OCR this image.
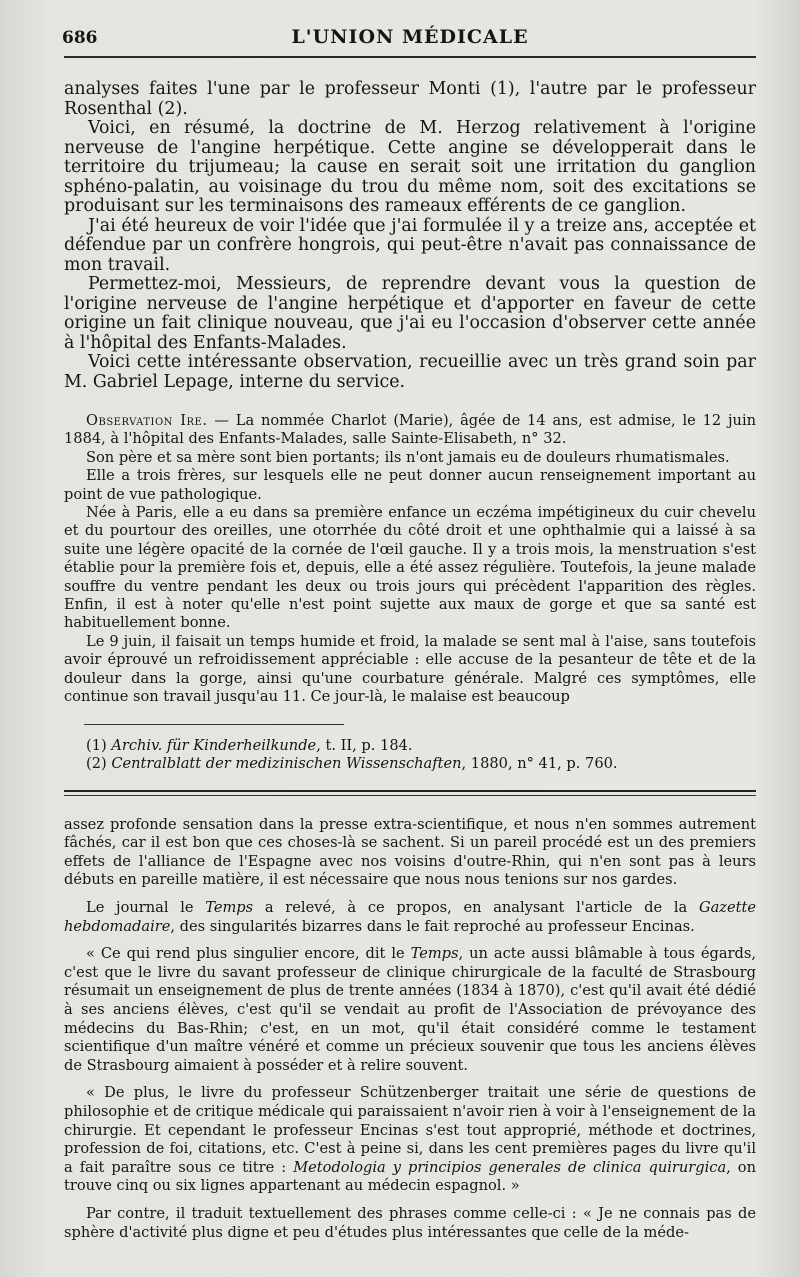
686	L'UNION MÉDICALE

analyses faites l'une par le professeur Monti (1), l'autre par le professeur Rosenthal (2).

Voici, en résumé, la doctrine de M. Herzog relativement à l'origine nerveuse de l'angine herpétique. Cette angine se développerait dans le territoire du trijumeau; la cause en serait soit une irritation du ganglion sphéno-palatin, au voisinage du trou du même nom, soit des excitations se produisant sur les terminaisons des rameaux efférents de ce ganglion.

J'ai été heureux de voir l'idée que j'ai formulée il y a treize ans, acceptée et défendue par un confrère hongrois, qui peut-être n'avait pas connaissance de mon travail.

Permettez-moi, Messieurs, de reprendre devant vous la question de l'origine nerveuse de l'angine herpétique et d'apporter en faveur de cette origine un fait clinique nouveau, que j'ai eu l'occasion d'observer cette année à l'hôpital des Enfants-Malades.

Voici cette intéressante observation, recueillie avec un très grand soin par M. Gabriel Lepage, interne du service.

Observation Ire. — La nommée Charlot (Marie), âgée de 14 ans, est admise, le 12 juin 1884, à l'hôpital des Enfants-Malades, salle Sainte-Elisabeth, n° 32.

Son père et sa mère sont bien portants; ils n'ont jamais eu de douleurs rhumatismales.

Elle a trois frères, sur lesquels elle ne peut donner aucun renseignement important au point de vue pathologique.

Née à Paris, elle a eu dans sa première enfance un eczéma impétigineux du cuir chevelu et du pourtour des oreilles, une otorrhée du côté droit et une ophthalmie qui a laissé à sa suite une légère opacité de la cornée de l'œil gauche. Il y a trois mois, la menstruation s'est établie pour la première fois et, depuis, elle a été assez régulière. Toutefois, la jeune malade souffre du ventre pendant les deux ou trois jours qui précèdent l'apparition des règles. Enfin, il est à noter qu'elle n'est point sujette aux maux de gorge et que sa santé est habituellement bonne.

Le 9 juin, il faisait un temps humide et froid, la malade se sent mal à l'aise, sans toutefois avoir éprouvé un refroidissement appréciable : elle accuse de la pesanteur de tête et de la douleur dans la gorge, ainsi qu'une courbature générale. Malgré ces symptômes, elle continue son travail jusqu'au 11. Ce jour-là, le malaise est beaucoup

(1) Archiv. für Kinderheilkunde, t. II, p. 184.

(2) Centralblatt der medizinischen Wissenschaften, 1880, n° 41, p. 760.

assez profonde sensation dans la presse extra-scientifique, et nous n'en sommes autrement fâchés, car il est bon que ces choses-là se sachent. Si un pareil procédé est un des premiers effets de l'alliance de l'Espagne avec nos voisins d'outre-Rhin, qui n'en sont pas à leurs débuts en pareille matière, il est nécessaire que nous nous tenions sur nos gardes.

Le journal le Temps a relevé, à ce propos, en analysant l'article de la Gazette hebdomadaire, des singularités bizarres dans le fait reproché au professeur Encinas.

« Ce qui rend plus singulier encore, dit le Temps, un acte aussi blâmable à tous égards, c'est que le livre du savant professeur de clinique chirurgicale de la faculté de Strasbourg résumait un enseignement de plus de trente années (1834 à 1870), c'est qu'il avait été dédié à ses anciens élèves, c'est qu'il se vendait au profit de l'Association de prévoyance des médecins du Bas-Rhin; c'est, en un mot, qu'il était considéré comme le testament scientifique d'un maître vénéré et comme un précieux souvenir que tous les anciens élèves de Strasbourg aimaient à posséder et à relire souvent.

« De plus, le livre du professeur Schützenberger traitait une série de questions de philosophie et de critique médicale qui paraissaient n'avoir rien à voir à l'enseignement de la chirurgie. Et cependant le professeur Encinas s'est tout approprié, méthode et doctrines, profession de foi, citations, etc. C'est à peine si, dans les cent premières pages du livre qu'il a fait paraître sous ce titre : Metodologia y principios generales de clinica quirurgica, on trouve cinq ou six lignes appartenant au médecin espagnol. »

Par contre, il traduit textuellement des phrases comme celle-ci : « Je ne connais pas de sphère d'activité plus digne et peu d'études plus intéressantes que celle de la méde-
